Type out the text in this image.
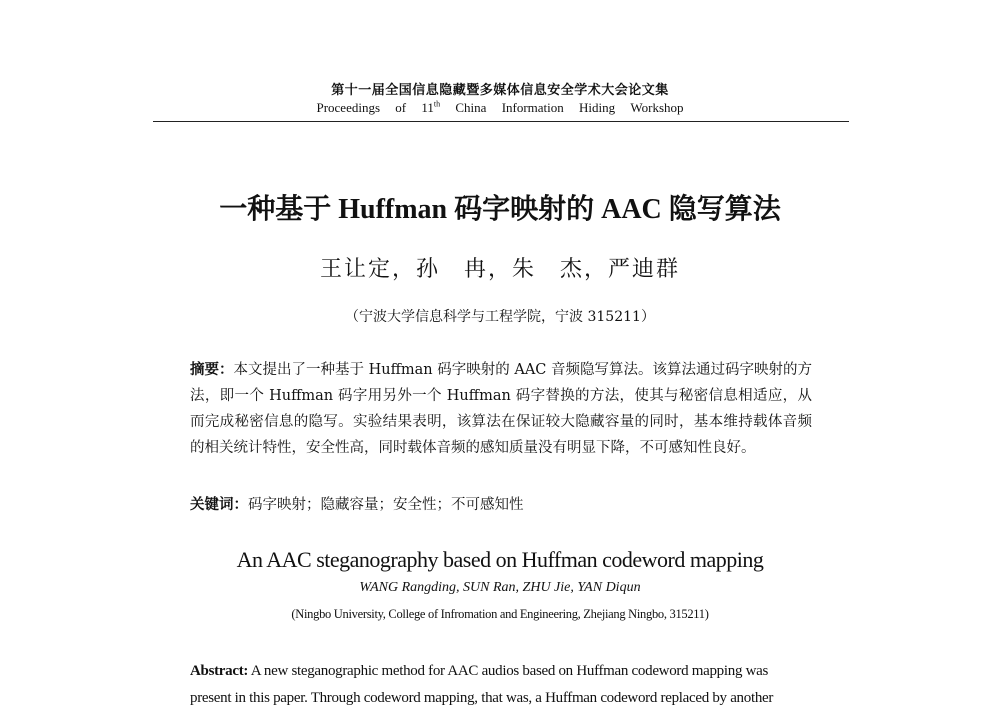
第十一届全国信息隐藏暨多媒体信息安全学术大会论文集
Proceedings of 11th China Information Hiding Workshop
一种基于 Huffman 码字映射的 AAC 隐写算法
王让定，孙　冉，朱　杰，严迪群
（宁波大学信息科学与工程学院，宁波 315211）
摘要：本文提出了一种基于 Huffman 码字映射的 AAC 音频隐写算法。该算法通过码字映射的方法，即一个 Huffman 码字用另外一个 Huffman 码字替换的方法，使其与秘密信息相适应，从而完成秘密信息的隐写。实验结果表明，该算法在保证较大隐藏容量的同时，基本维持载体音频的相关统计特性，安全性高，同时载体音频的感知质量没有明显下降，不可感知性良好。
关键词：码字映射；隐藏容量；安全性；不可感知性
An AAC steganography based on Huffman codeword mapping
WANG Rangding, SUN Ran, ZHU Jie, YAN Diqun
(Ningbo University, College of Infromation and Engineering, Zhejiang Ningbo, 315211)
Abstract: A new steganographic method for AAC audios based on Huffman codeword mapping was present in this paper. Through codeword mapping, that was, a Huffman codeword replaced by another
